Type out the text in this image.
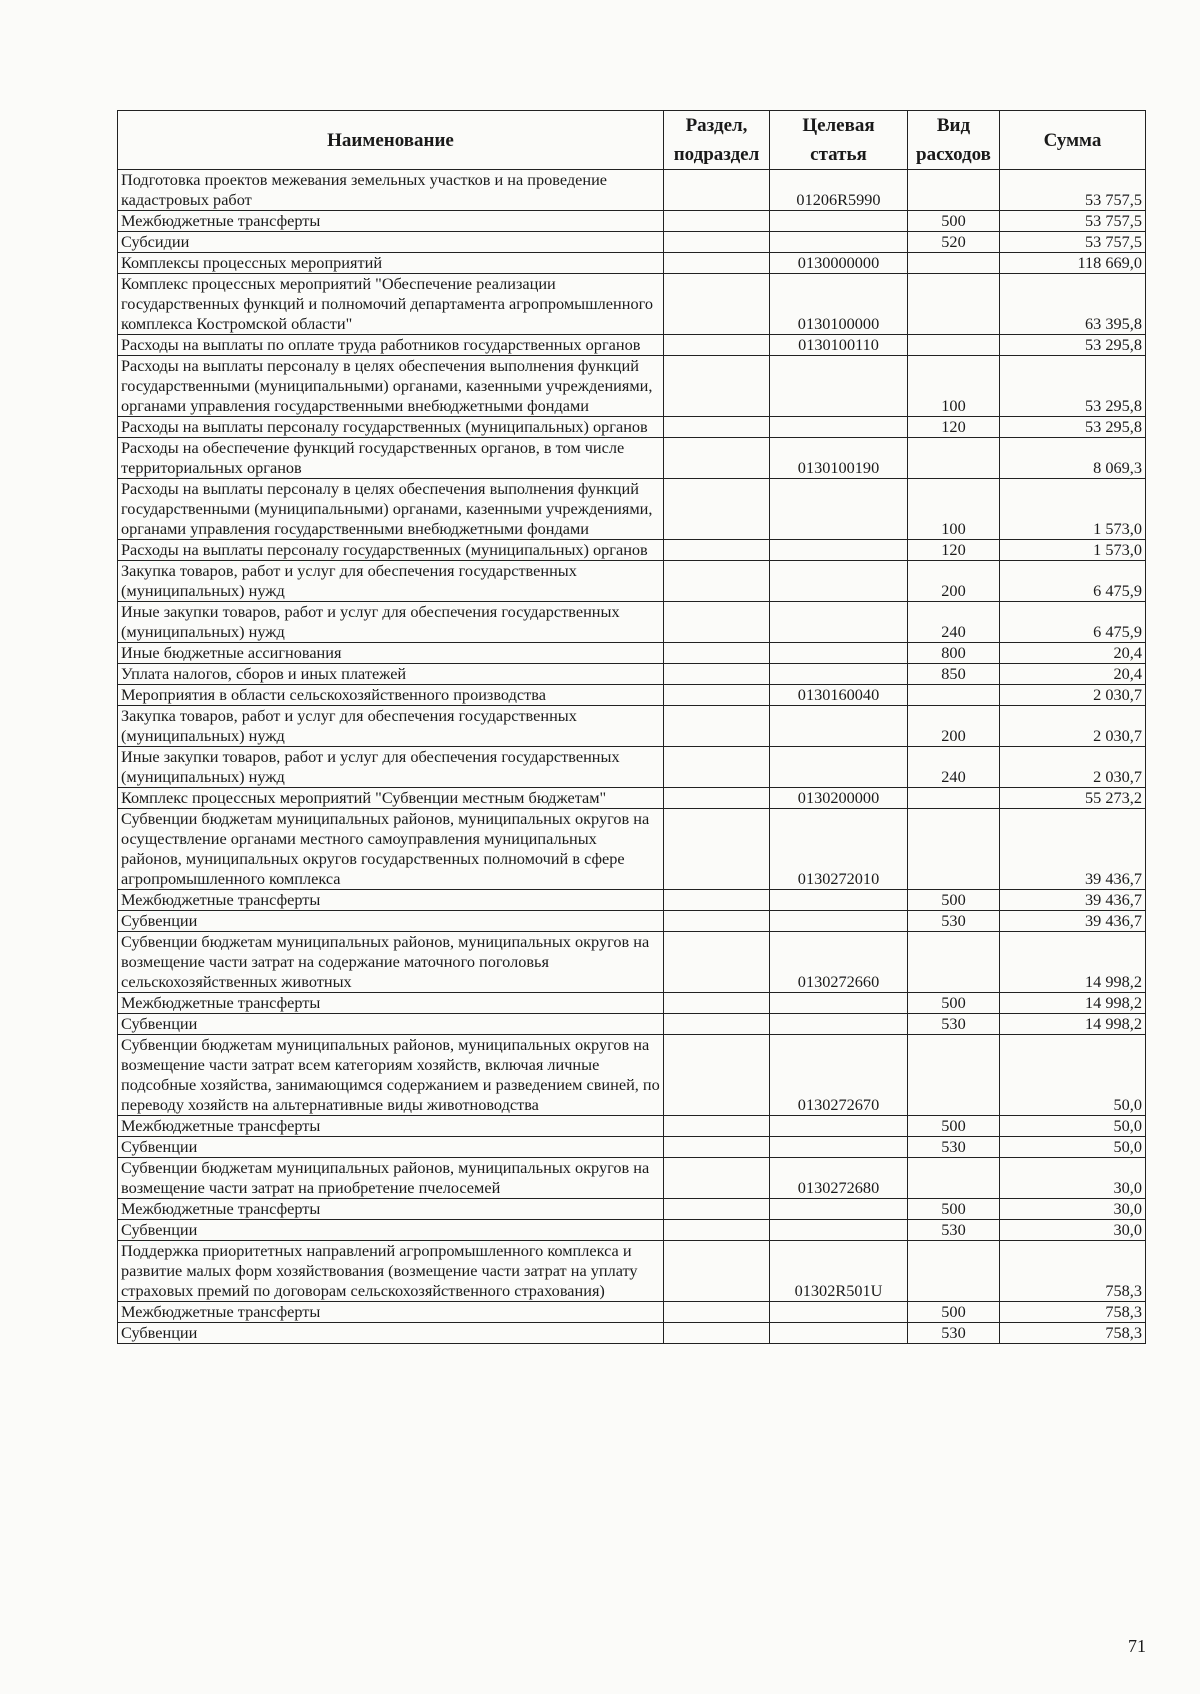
Наименование	Раздел, подраздел	Целевая статья	Вид расходов	Сумма
Подготовка проектов межевания земельных участков и на проведение кадастровых работ		01206R5990		53 757,5
Межбюджетные трансферты			500	53 757,5
Субсидии			520	53 757,5
Комплексы процессных мероприятий		0130000000		118 669,0
Комплекс процессных мероприятий "Обеспечение реализации государственных функций и полномочий департамента агропромышленного комплекса Костромской области"		0130100000		63 395,8
Расходы на выплаты по оплате труда работников государственных органов		0130100110		53 295,8
Расходы на выплаты персоналу в целях обеспечения выполнения функций государственными (муниципальными) органами, казенными учреждениями, органами управления государственными внебюджетными фондами			100	53 295,8
Расходы на выплаты персоналу государственных (муниципальных) органов			120	53 295,8
Расходы на обеспечение функций государственных органов, в том числе территориальных органов		0130100190		8 069,3
Расходы на выплаты персоналу в целях обеспечения выполнения функций государственными (муниципальными) органами, казенными учреждениями, органами управления государственными внебюджетными фондами			100	1 573,0
Расходы на выплаты персоналу государственных (муниципальных) органов			120	1 573,0
Закупка товаров, работ и услуг для обеспечения государственных (муниципальных) нужд			200	6 475,9
Иные закупки товаров, работ и услуг для обеспечения государственных (муниципальных) нужд			240	6 475,9
Иные бюджетные ассигнования			800	20,4
Уплата налогов, сборов и иных платежей			850	20,4
Мероприятия в области сельскохозяйственного производства		0130160040		2 030,7
Закупка товаров, работ и услуг для обеспечения государственных (муниципальных) нужд			200	2 030,7
Иные закупки товаров, работ и услуг для обеспечения государственных (муниципальных) нужд			240	2 030,7
Комплекс процессных мероприятий "Субвенции местным бюджетам"		0130200000		55 273,2
Субвенции бюджетам муниципальных районов, муниципальных округов на осуществление органами местного самоуправления муниципальных районов, муниципальных округов государственных полномочий в сфере агропромышленного комплекса		0130272010		39 436,7
Межбюджетные трансферты			500	39 436,7
Субвенции			530	39 436,7
Субвенции бюджетам муниципальных районов, муниципальных округов на возмещение части затрат на содержание маточного поголовья сельскохозяйственных животных		0130272660		14 998,2
Межбюджетные трансферты			500	14 998,2
Субвенции			530	14 998,2
Субвенции бюджетам муниципальных районов, муниципальных округов на возмещение части затрат всем категориям хозяйств, включая личные подсобные хозяйства, занимающимся содержанием и разведением свиней, по переводу хозяйств на альтернативные виды животноводства		0130272670		50,0
Межбюджетные трансферты			500	50,0
Субвенции			530	50,0
Субвенции бюджетам муниципальных районов, муниципальных округов на возмещение части затрат на приобретение пчелосемей		0130272680		30,0
Межбюджетные трансферты			500	30,0
Субвенции			530	30,0
Поддержка приоритетных направлений агропромышленного комплекса и развитие малых форм хозяйствования (возмещение части затрат на уплату страховых премий по договорам сельскохозяйственного страхования)		01302R501U		758,3
Межбюджетные трансферты			500	758,3
Субвенции			530	758,3
71
